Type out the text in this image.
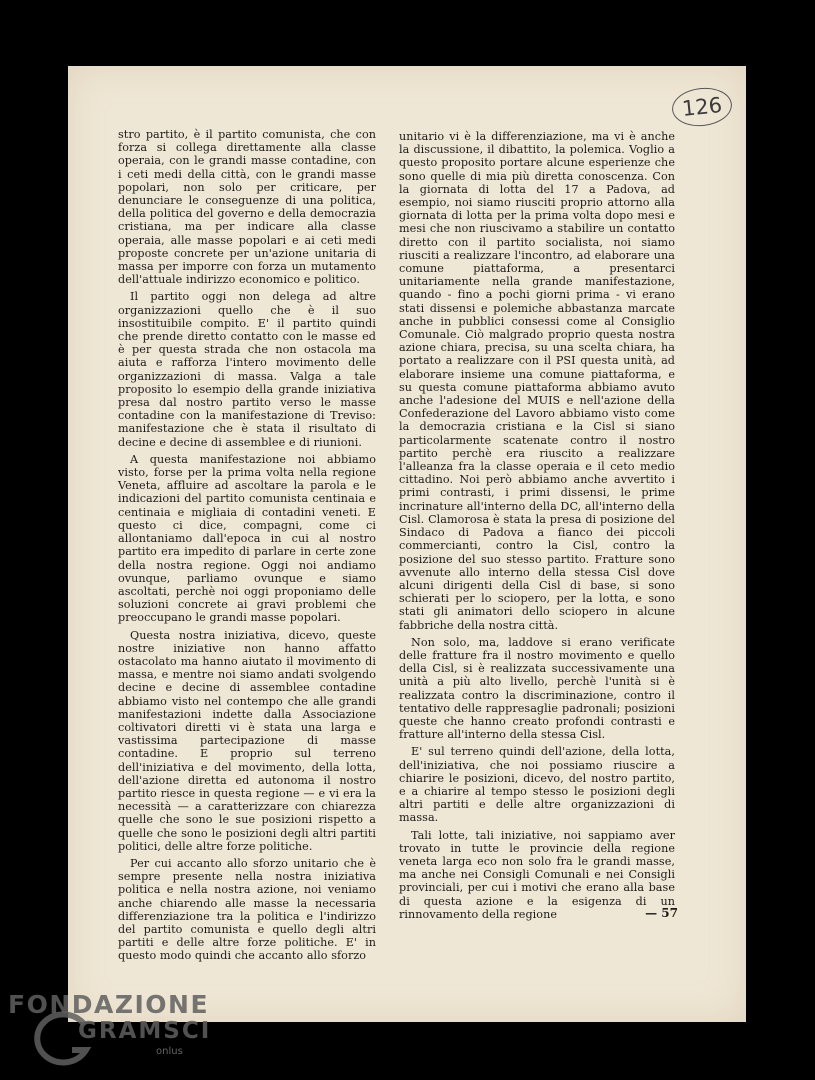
126

stro partito, è il partito comunista, che con forza si collega direttamente alla classe operaia, con le grandi masse contadine, con i ceti medi della città, con le grandi masse popolari, non solo per criticare, per denunciare le conseguenze di una politica, della politica del governo e della democrazia cristiana, ma per indicare alla classe operaia, alle masse popolari e ai ceti medi proposte concrete per un'azione unitaria di massa per imporre con forza un mutamento dell'attuale indirizzo economico e politico.

Il partito oggi non delega ad altre organizzazioni quello che è il suo insostituibile compito. E' il partito quindi che prende diretto contatto con le masse ed è per questa strada che non ostacola ma aiuta e rafforza l'intero movimento delle organizzazioni di massa. Valga a tale proposito lo esempio della grande iniziativa presa dal nostro partito verso le masse contadine con la manifestazione di Treviso: manifestazione che è stata il risultato di decine e decine di assemblee e di riunioni.

A questa manifestazione noi abbiamo visto, forse per la prima volta nella regione Veneta, affluire ad ascoltare la parola e le indicazioni del partito comunista centinaia e centinaia e migliaia di contadini veneti. E questo ci dice, compagni, come ci allontaniamo dall'epoca in cui al nostro partito era impedito di parlare in certe zone della nostra regione. Oggi noi andiamo ovunque, parliamo ovunque e siamo ascoltati, perchè noi oggi proponiamo delle soluzioni concrete ai gravi problemi che preoccupano le grandi masse popolari.

Questa nostra iniziativa, dicevo, queste nostre iniziative non hanno affatto ostacolato ma hanno aiutato il movimento di massa, e mentre noi siamo andati svolgendo decine e decine di assemblee contadine abbiamo visto nel contempo che alle grandi manifestazioni indette dalla Associazione coltivatori diretti vi è stata una larga e vastissima partecipazione di masse contadine. E proprio sul terreno dell'iniziativa e del movimento, della lotta, dell'azione diretta ed autonoma il nostro partito riesce in questa regione — e vi era la necessità — a caratterizzare con chiarezza quelle che sono le sue posizioni rispetto a quelle che sono le posizioni degli altri partiti politici, delle altre forze politiche.

Per cui accanto allo sforzo unitario che è sempre presente nella nostra iniziativa politica e nella nostra azione, noi veniamo anche chiarendo alle masse la necessaria differenziazione tra la politica e l'indirizzo del partito comunista e quello degli altri partiti e delle altre forze politiche. E' in questo modo quindi che accanto allo sforzo

unitario vi è la differenziazione, ma vi è anche la discussione, il dibattito, la polemica. Voglio a questo proposito portare alcune esperienze che sono quelle di mia più diretta conoscenza. Con la giornata di lotta del 17 a Padova, ad esempio, noi siamo riusciti proprio attorno alla giornata di lotta per la prima volta dopo mesi e mesi che non riuscivamo a stabilire un contatto diretto con il partito socialista, noi siamo riusciti a realizzare l'incontro, ad elaborare una comune piattaforma, a presentarci unitariamente nella grande manifestazione, quando - fino a pochi giorni prima - vi erano stati dissensi e polemiche abbastanza marcate anche in pubblici consessi come al Consiglio Comunale. Ciò malgrado proprio questa nostra azione chiara, precisa, su una scelta chiara, ha portato a realizzare con il PSI questa unità, ad elaborare insieme una comune piattaforma, e su questa comune piattaforma abbiamo avuto anche l'adesione del MUIS e nell'azione della Confederazione del Lavoro abbiamo visto come la democrazia cristiana e la Cisl si siano particolarmente scatenate contro il nostro partito perchè era riuscito a realizzare l'alleanza fra la classe operaia e il ceto medio cittadino. Noi però abbiamo anche avvertito i primi contrasti, i primi dissensi, le prime incrinature all'interno della DC, all'interno della Cisl. Clamorosa è stata la presa di posizione del Sindaco di Padova a fianco dei piccoli commercianti, contro la Cisl, contro la posizione del suo stesso partito. Fratture sono avvenute allo interno della stessa Cisl dove alcuni dirigenti della Cisl di base, si sono schierati per lo sciopero, per la lotta, e sono stati gli animatori dello sciopero in alcune fabbriche della nostra città.

Non solo, ma, laddove si erano verificate delle fratture fra il nostro movimento e quello della Cisl, si è realizzata successivamente una unità a più alto livello, perchè l'unità si è realizzata contro la discriminazione, contro il tentativo delle rappresaglie padronali; posizioni queste che hanno creato profondi contrasti e fratture all'interno della stessa Cisl.

E' sul terreno quindi dell'azione, della lotta, dell'iniziativa, che noi possiamo riuscire a chiarire le posizioni, dicevo, del nostro partito, e a chiarire al tempo stesso le posizioni degli altri partiti e delle altre organizzazioni di massa.

Tali lotte, tali iniziative, noi sappiamo aver trovato in tutte le provincie della regione veneta larga eco non solo fra le grandi masse, ma anche nei Consigli Comunali e nei Consigli provinciali, per cui i motivi che erano alla base di questa azione e la esigenza di un rinnovamento della regione	— 57
FONDAZIONE
GRAMSCI
onlus
